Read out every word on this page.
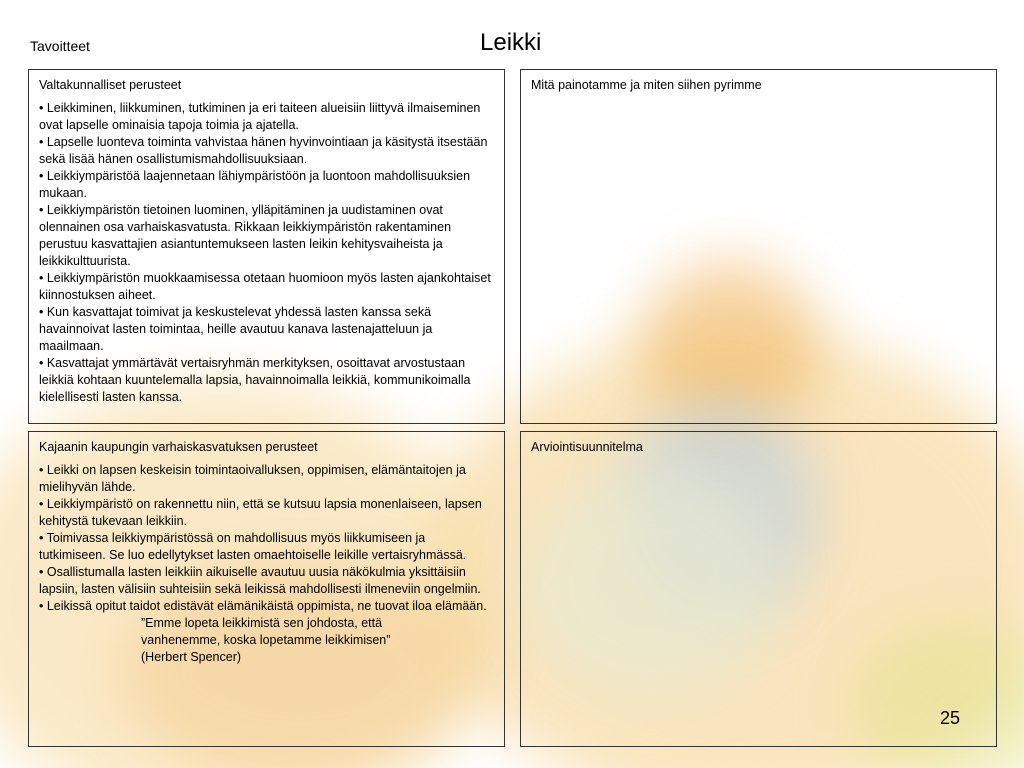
Tavoitteet	Leikki
Valtakunnalliset perusteet

• Leikkiminen, liikkuminen, tutkiminen ja eri taiteen alueisiin liittyvä ilmaiseminen ovat lapselle ominaisia tapoja toimia ja ajatella.

• Lapselle luonteva toiminta vahvistaa hänen hyvinvointiaan ja käsitystä itsestään sekä lisää hänen osallistumismahdollisuuksiaan.

• Leikkiympäristöä laajennetaan lähiympäristöön ja luontoon mahdollisuuksien mukaan.

• Leikkiympäristön tietoinen luominen, ylläpitäminen ja uudistaminen ovat olennainen osa varhaiskasvatusta. Rikkaan leikkiympäristön rakentaminen perustuu kasvattajien asiantuntemukseen lasten leikin kehitysvaiheista ja leikkikulttuurista.

• Leikkiympäristön muokkaamisessa otetaan huomioon myös lasten ajankohtaiset kiinnostuksen aiheet.

• Kun kasvattajat toimivat ja keskustelevat yhdessä lasten kanssa sekä havainnoivat lasten toimintaa, heille avautuu kanava lastenajatteluun ja maailmaan.

• Kasvattajat ymmärtävät vertaisryhmän merkityksen, osoittavat arvostustaan leikkiä kohtaan kuuntelemalla lapsia, havainnoimalla leikkiä, kommunikoimalla kielellisesti lasten kanssa.

Mitä painotamme ja miten siihen pyrimme
Kajaanin kaupungin varhaiskasvatuksen perusteet

• Leikki on lapsen keskeisin toimintaoivalluksen, oppimisen, elämäntaitojen ja mielihyvän lähde.

• Leikkiympäristö on rakennettu niin, että se kutsuu lapsia monenlaiseen, lapsen kehitystä tukevaan leikkiin.

• Toimivassa leikkiympäristössä on mahdollisuus myös liikkumiseen ja tutkimiseen. Se luo edellytykset lasten omaehtoiselle leikille vertaisryhmässä.

• Osallistumalla lasten leikkiin aikuiselle avautuu uusia näkökulmia yksittäisiin lapsiin, lasten välisiin suhteisiin sekä leikissä mahdollisesti ilmeneviin ongelmiin.

• Leikissä opitut taidot edistävät elämänikäistä oppimista, ne tuovat iloa elämään.

”Emme lopeta leikkimistä sen johdosta, että

vanhenemme, koska lopetamme leikkimisen”

(Herbert Spencer)

Arviointisuunnitelma
25
